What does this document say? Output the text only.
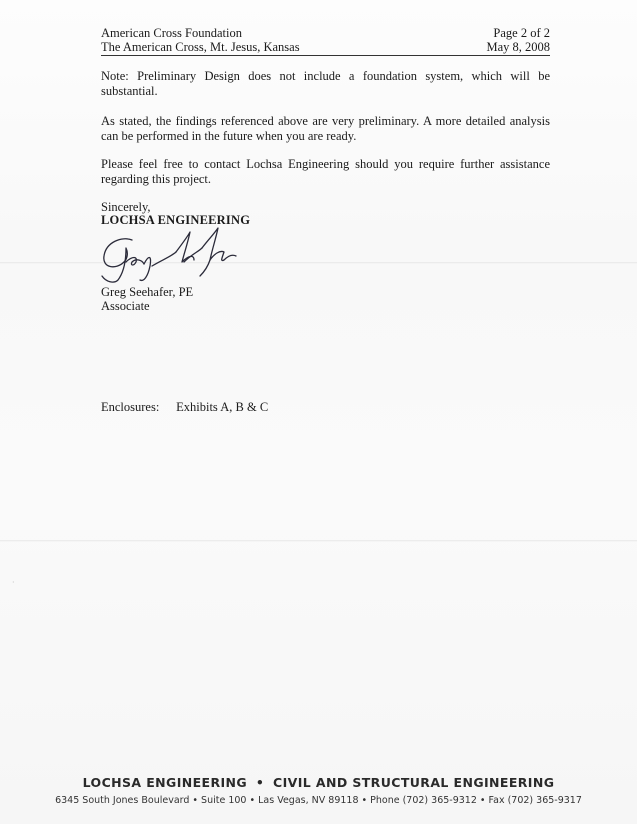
American Cross Foundation	Page 2 of 2
The American Cross, Mt. Jesus, Kansas	May 8, 2008

Note: Preliminary Design does not include a foundation system, which will be substantial.

As stated, the findings referenced above are very preliminary. A more detailed analysis can be performed in the future when you are ready.

Please feel free to contact Lochsa Engineering should you require further assistance regarding this project.

Sincerely,
LOCHSA ENGINEERING
Greg Seehafer, PE
Associate
Enclosures: Exhibits A, B & C
·
LOCHSA ENGINEERING • CIVIL AND STRUCTURAL ENGINEERING
6345 South Jones Boulevard • Suite 100 • Las Vegas, NV 89118 • Phone (702) 365-9312 • Fax (702) 365-9317
